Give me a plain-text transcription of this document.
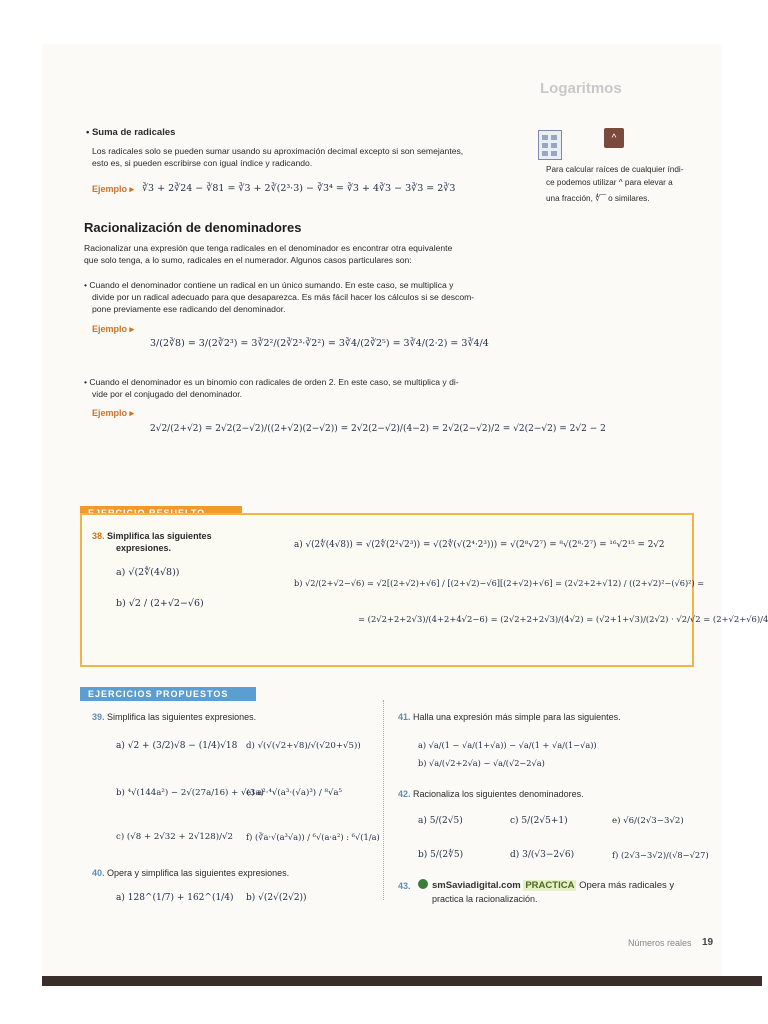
Logaritmos
• Suma de radicales
Los radicales solo se pueden sumar usando su aproximación decimal excepto si son semejantes,
esto es, si pueden escribirse con igual índice y radicando.
Ejemplo ▸ ∛3 + 2∛24 − ∛81 = ∛3 + 2∛(2³·3) − ∛3⁴ = ∛3 + 4∛3 − 3∛3 = 2∛3
^
Para calcular raíces de cualquier índi-
ce podemos utilizar ^ para elevar a
una fracción, ∜‾‾ o similares.
Racionalización de denominadores
Racionalizar una expresión que tenga radicales en el denominador es encontrar otra equivalente
que solo tenga, a lo sumo, radicales en el numerador. Algunos casos particulares son:
• Cuando el denominador contiene un radical en un único sumando. En este caso, se multiplica y
divide por un radical adecuado para que desaparezca. Es más fácil hacer los cálculos si se descom-
pone previamente ese radicando del denominador.
Ejemplo ▸
3/(2∛8) = 3/(2∛2³) = 3∛2²/(2∛2³·∛2²) = 3∛4/(2∛2⁵) = 3∛4/(2·2) = 3∛4/4
• Cuando el denominador es un binomio con radicales de orden 2. En este caso, se multiplica y di-
vide por el conjugado del denominador.
Ejemplo ▸
2√2/(2+√2) = 2√2(2−√2)/((2+√2)(2−√2)) = 2√2(2−√2)/(4−2) = 2√2(2−√2)/2 = √2(2−√2) = 2√2 − 2
38. Simplifica las siguientes
expresiones.
a) √(2∜(4√8))
b) √2 / (2+√2−√6)
a) √(2∜(4√8)) = √(2∜(2²√2³)) = √(2∜(√(2⁴·2³))) = √(2⁸√2⁷) = ⁸√(2⁸·2⁷) = ¹⁶√2¹⁵ = 2√2
b) √2/(2+√2−√6) = √2[(2+√2)+√6] / [(2+√2)−√6][(2+√2)+√6] = (2√2+2+√12) / ((2+√2)²−(√6)²) =
= (2√2+2+2√3)/(4+2+4√2−6) = (2√2+2+2√3)/(4√2) = (√2+1+√3)/(2√2) · √2/√2 = (2+√2+√6)/4
EJERCICIOS PROPUESTOS
39. Simplifica las siguientes expresiones.
a) √2 + (3/2)√8 − (1/4)√18 d) √(√(√2+√8)/√(√20+√5))
b) ⁴√(144a²) − 2√(27a/16) + √(3a)
e) a²·⁴√(a³·(√a)³) / ⁸√a⁵
c) (√8 + 2√32 + 2√128)/√2 f) (∛a·√(a³√a)) / ⁶√(a·a²) : ⁶√(1/a)
40. Opera y simplifica las siguientes expresiones.
a) 128^(1/7) + 162^(1/4) b) √(2√(2√2))
41. Halla una expresión más simple para las siguientes.
a) √a/(1 − √a/(1+√a)) − √a/(1 + √a/(1−√a))
b) √a/(√2+2√a) − √a/(√2−2√a)
42. Racionaliza los siguientes denominadores.
a) 5/(2√5)	c) 5/(2√5+1)	e) √6/(2√3−3√2)
b) 5/(2∜5)	d) 3/(√3−2√6)	f) (2√3−3√2)/(√8−√27)
43. smSaviadigital.com PRACTICA Opera más radicales y
practica la racionalización.
Números reales 19
